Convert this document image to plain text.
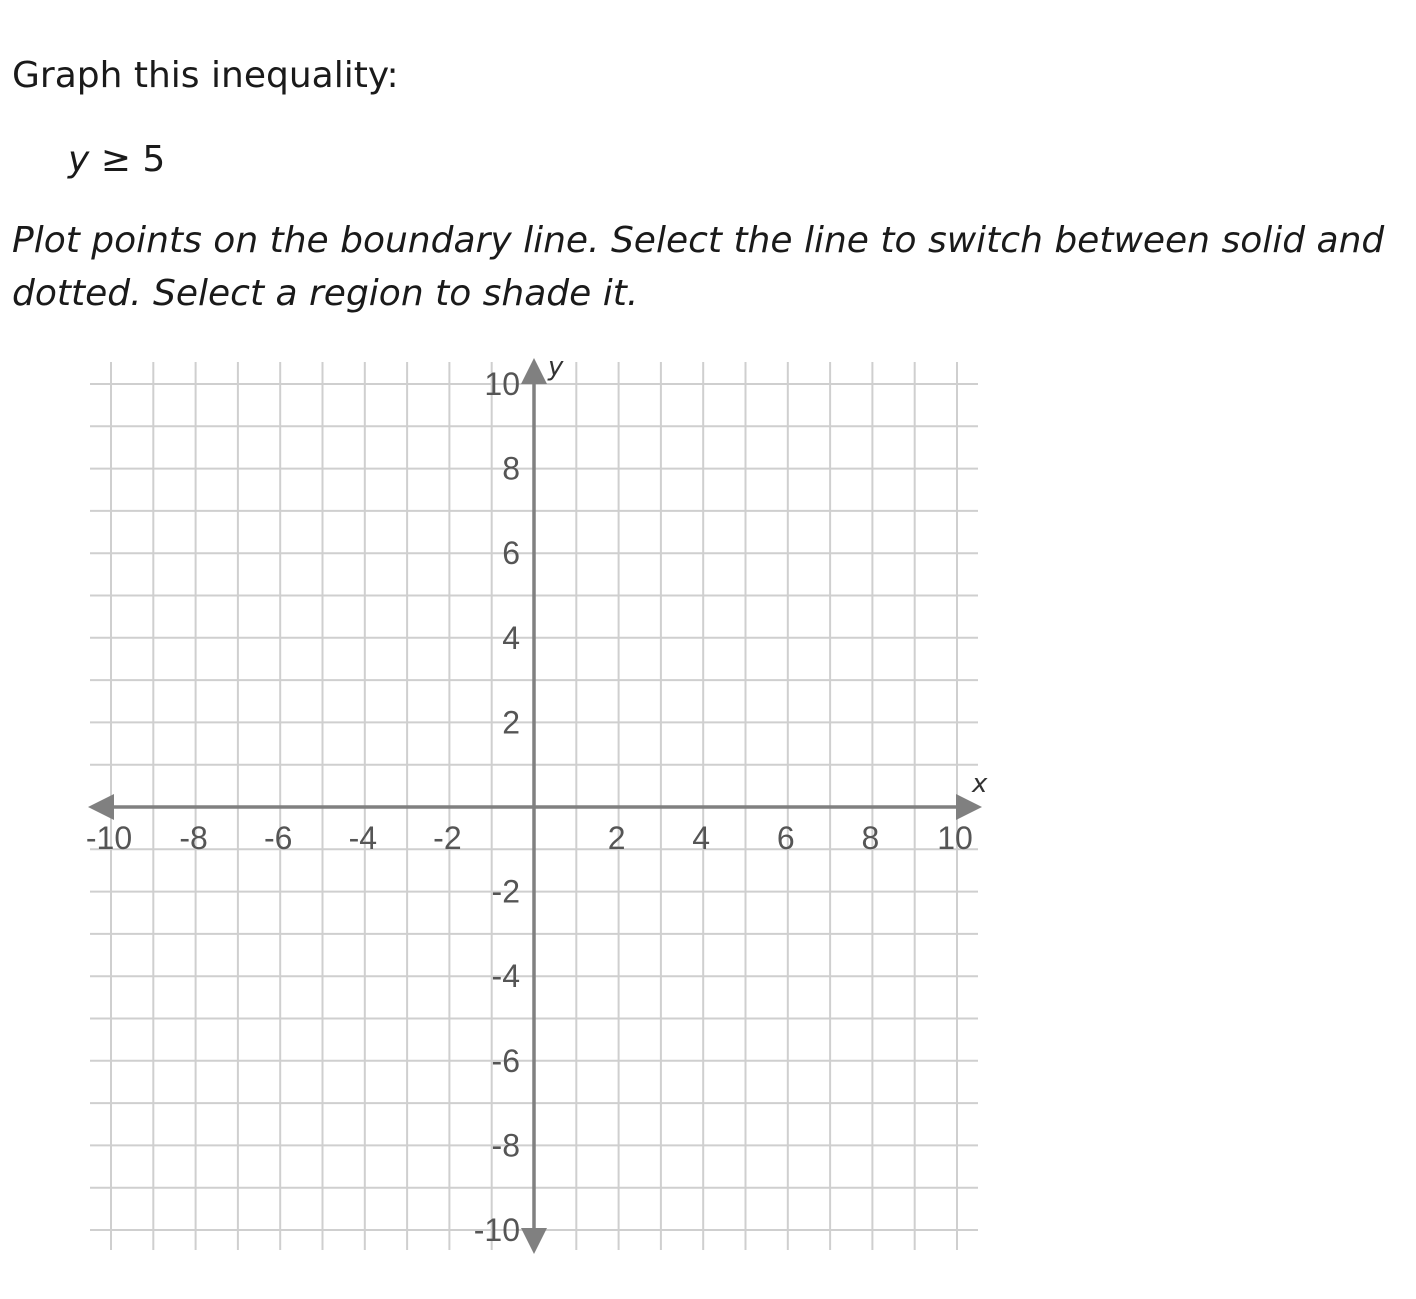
Graph this inequality:
y ≥ 5

Plot points on the boundary line. Select the line to switch between solid and dotted. Select a region to shade it.

-10 -8 -6 -4 -2	2 4 6 8 10
10
8
6
4
2
-2
-4
-6
-8
-10
x
y
